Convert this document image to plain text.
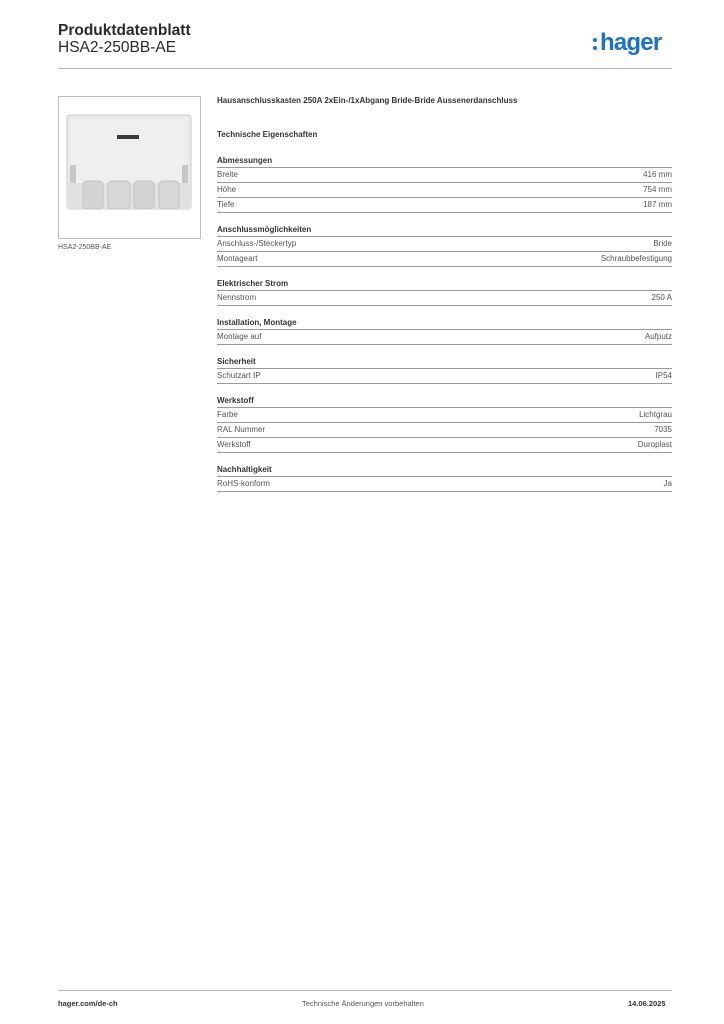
Produktdatenblatt
HSA2-250BB-AE	hager
HSA2-250BB-AE
Hausanschlusskasten 250A 2xEin-/1xAbgang Bride-Bride Aussenerdanschluss
Technische Eigenschaften
Abmessungen
Breite	416 mm
Höhe	754 mm
Tiefe	187 mm
Anschlussmöglichkeiten
Anschluss-/Steckertyp	Bride
Montageart	Schraubbefestigung
Elektrischer Strom
Nennstrom	250 A
Installation, Montage
Montage auf	Aufputz
Sicherheit
Schutzart IP	IP54
Werkstoff
Farbe	Lichtgrau
RAL Nummer	7035
Werkstoff	Duroplast
Nachhaltigkeit
RoHS-konform	Ja
hager.com/de-ch	Technische Änderungen vorbehalten	14.06.2025
